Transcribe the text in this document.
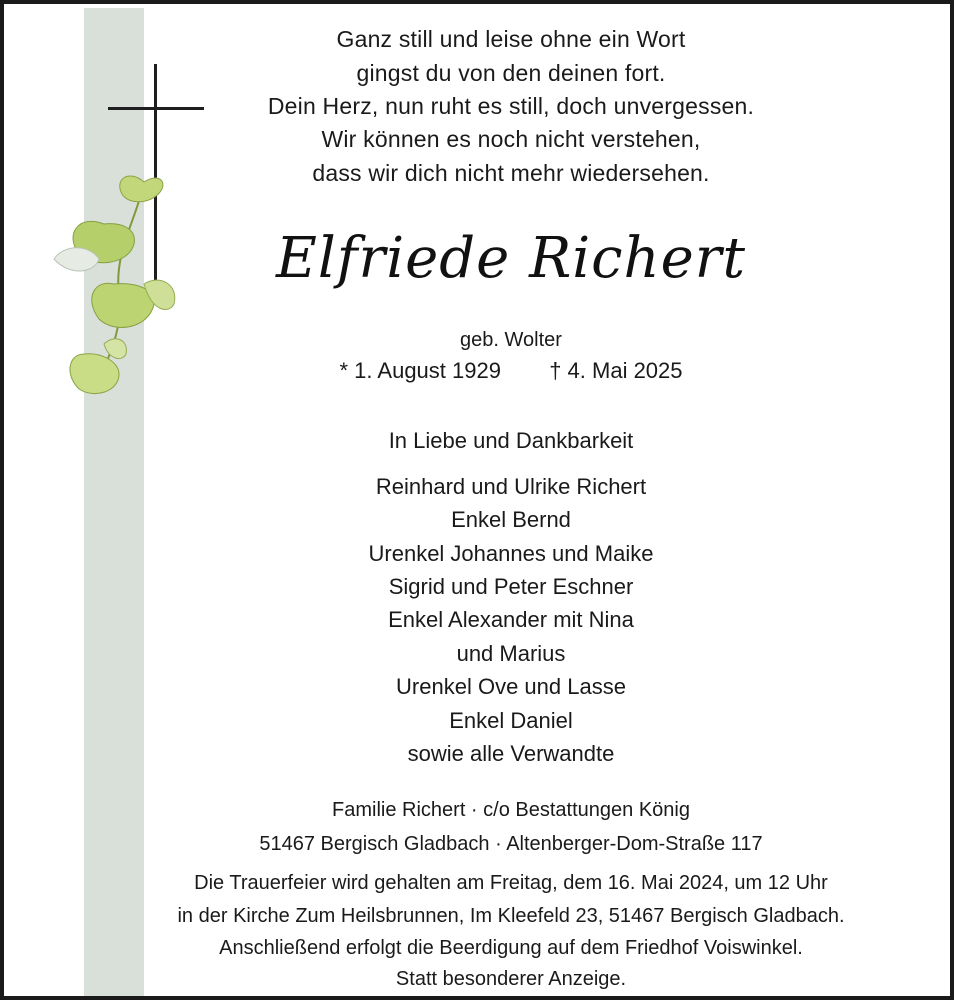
Ganz still und leise ohne ein Wort
gingst du von den deinen fort.
Dein Herz, nun ruht es still, doch unvergessen.
Wir können es noch nicht verstehen,
dass wir dich nicht mehr wiedersehen.
Elfriede Richert
geb. Wolter
* 1. August 1929 † 4. Mai 2025
In Liebe und Dankbarkeit
Reinhard und Ulrike Richert
Enkel Bernd
Urenkel Johannes und Maike
Sigrid und Peter Eschner
Enkel Alexander mit Nina
und Marius
Urenkel Ove und Lasse
Enkel Daniel
sowie alle Verwandte
Familie Richert · c/o Bestattungen König
51467 Bergisch Gladbach · Altenberger-Dom-Straße 117
Die Trauerfeier wird gehalten am Freitag, dem 16. Mai 2024, um 12 Uhr
in der Kirche Zum Heilsbrunnen, Im Kleefeld 23, 51467 Bergisch Gladbach.
Anschließend erfolgt die Beerdigung auf dem Friedhof Voiswinkel.
Statt besonderer Anzeige.
